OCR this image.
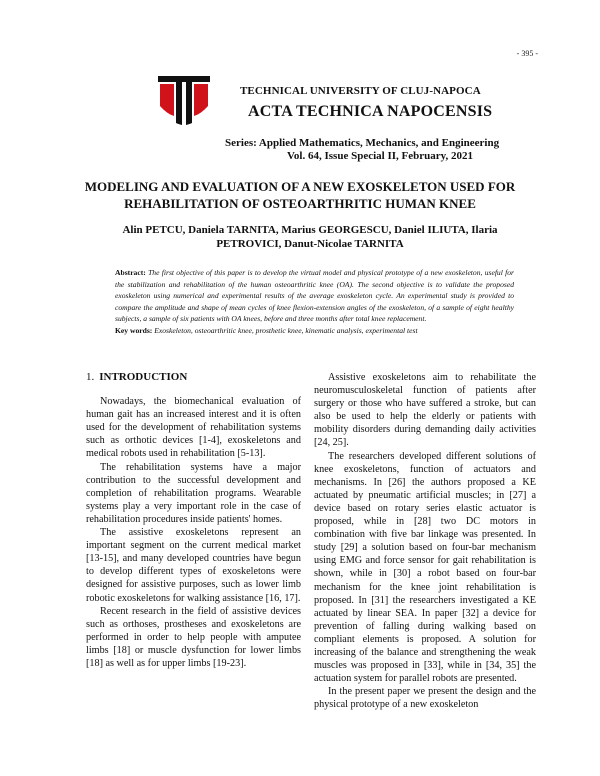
- 395 -
TECHNICAL UNIVERSITY OF CLUJ-NAPOCA
ACTA TECHNICA NAPOCENSIS
Series: Applied Mathematics, Mechanics, and Engineering
Vol. 64, Issue Special II, February, 2021
MODELING AND EVALUATION OF A NEW EXOSKELETON USED FOR REHABILITATION OF OSTEOARTHRITIC HUMAN KNEE
Alin PETCU, Daniela TARNITA, Marius GEORGESCU, Daniel ILIUTA, Ilaria PETROVICI, Danut-Nicolae TARNITA
Abstract: The first objective of this paper is to develop the virtual model and physical prototype of a new exoskeleton, useful for the stabilization and rehabilitation of the human osteoarthritic knee (OA). The second objective is to validate the proposed exoskeleton using numerical and experimental results of the average exoskeleton cycle. An experimental study is provided to compare the amplitude and shape of mean cycles of knee flexion-extension angles of the exoskeleton, of a sample of eight healthy subjects, a sample of six patients with OA knees, before and three months after total knee replacement.
Key words: Exoskeleton, osteoarthritic knee, prosthetic knee, kinematic analysis, experimental test
1. INTRODUCTION

Nowadays, the biomechanical evaluation of human gait has an increased interest and it is often used for the development of rehabilitation systems such as orthotic devices [1-4], exoskeletons and medical robots used in rehabilitation [5-13].

The rehabilitation systems have a major contribution to the successful development and completion of rehabilitation programs. Wearable systems play a very important role in the case of rehabilitation procedures inside patients' homes.

The assistive exoskeletons represent an important segment on the current medical market [13-15], and many developed countries have begun to develop different types of exoskeletons were designed for assistive purposes, such as lower limb robotic exoskeletons for walking assistance [16, 17].

Recent research in the field of assistive devices such as orthoses, prostheses and exoskeletons are performed in order to help people with amputee limbs [18] or muscle dysfunction for lower limbs [18] as well as for upper limbs [19-23].

Assistive exoskeletons aim to rehabilitate the neuromusculoskeletal function of patients after surgery or those who have suffered a stroke, but can also be used to help the elderly or patients with mobility disorders during demanding daily activities [24, 25].

The researchers developed different solutions of knee exoskeletons, function of actuators and mechanisms. In [26] the authors proposed a KE actuated by pneumatic artificial muscles; in [27] a device based on rotary series elastic actuator is proposed, while in [28] two DC motors in combination with five bar linkage was presented. In study [29] a solution based on four-bar mechanism using EMG and force sensor for gait rehabilitation is shown, while in [30] a robot based on four-bar mechanism for the knee joint rehabilitation is proposed. In [31] the researchers investigated a KE actuated by linear SEA. In paper [32] a device for prevention of falling during walking based on compliant elements is proposed. A solution for increasing of the balance and strengthening the weak muscles was proposed in [33], while in [34, 35] the actuation system for parallel robots are presented.

In the present paper we present the design and the physical prototype of a new exoskeleton
